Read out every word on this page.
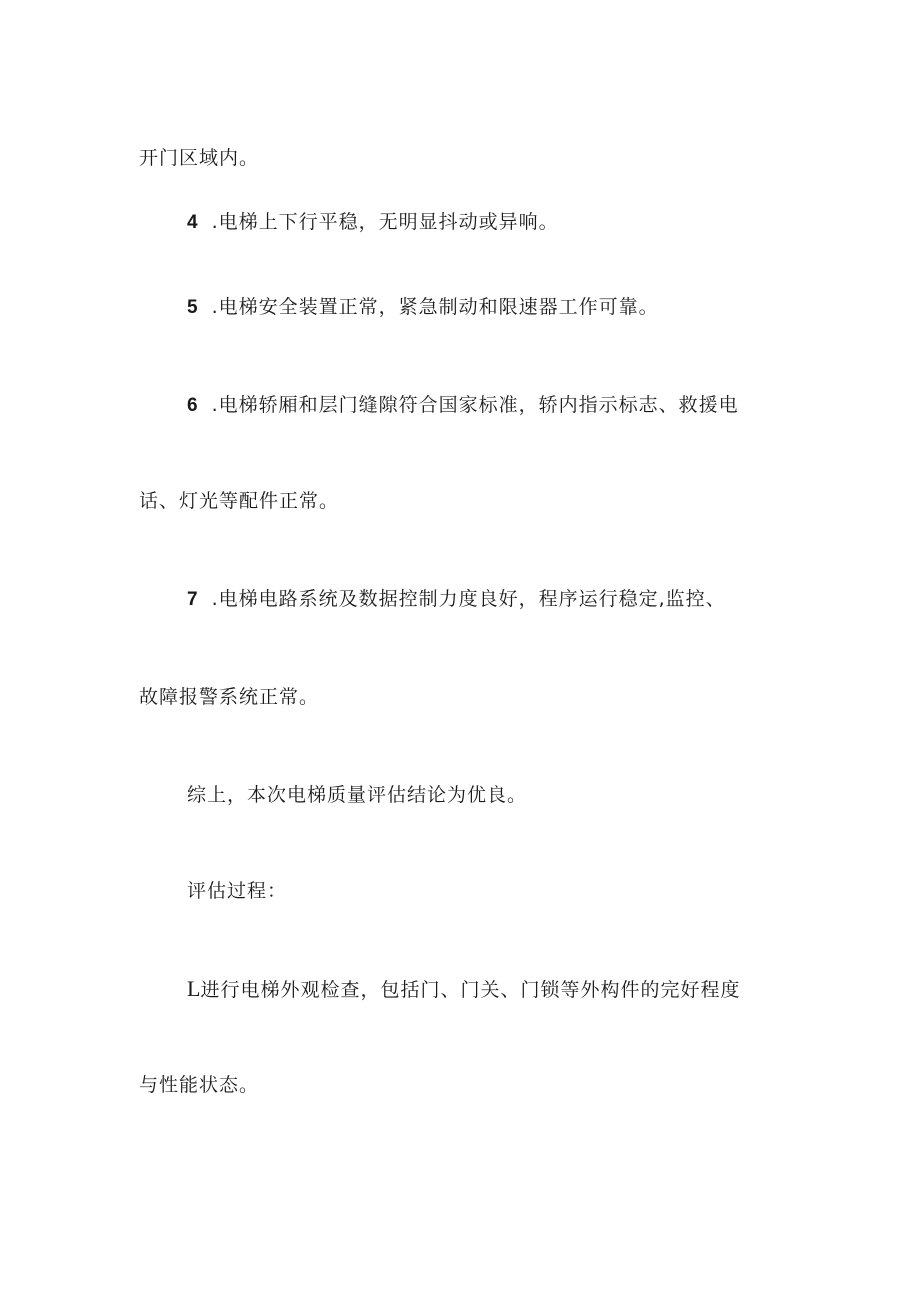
开门区域内。
4 .电梯上下行平稳，无明显抖动或异响。
5 .电梯安全装置正常，紧急制动和限速器工作可靠。
6 .电梯轿厢和层门缝隙符合国家标准，轿内指示标志、救援电
话、灯光等配件正常。
7 .电梯电路系统及数据控制力度良好，程序运行稳定,监控、
故障报警系统正常。
综上，本次电梯质量评估结论为优良。
评估过程：
L进行电梯外观检查，包括门、门关、门锁等外构件的完好程度
与性能状态。
